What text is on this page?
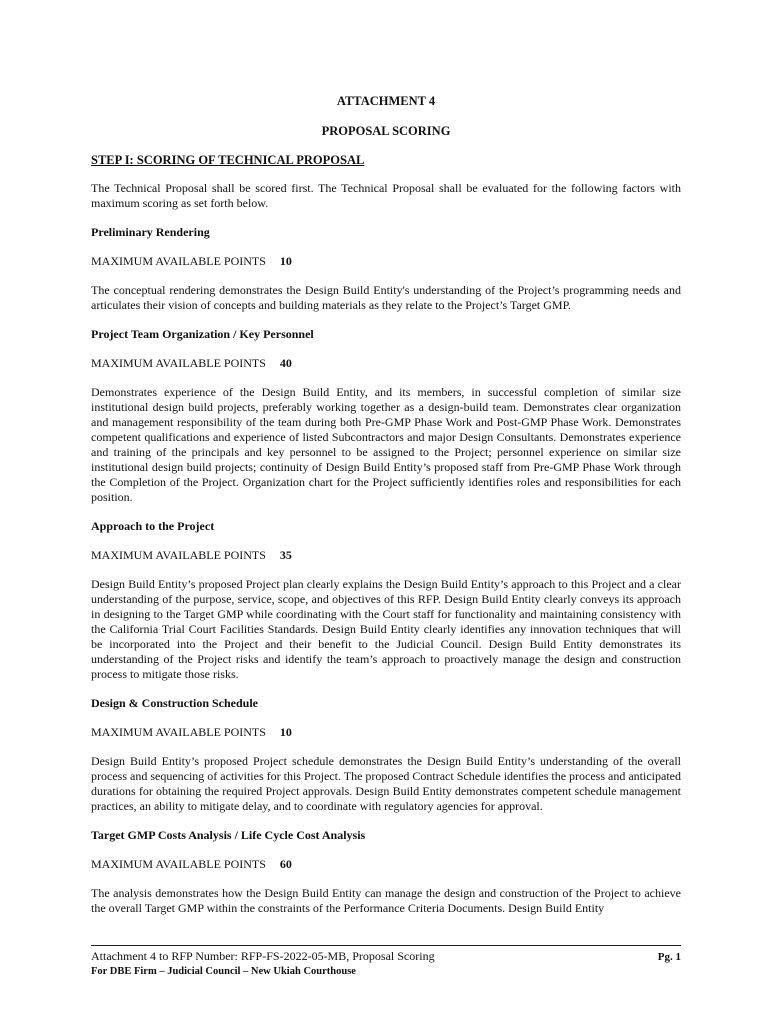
ATTACHMENT 4
PROPOSAL SCORING
STEP I: SCORING OF TECHNICAL PROPOSAL

The Technical Proposal shall be scored first. The Technical Proposal shall be evaluated for the following factors with maximum scoring as set forth below.

Preliminary Rendering
MAXIMUM AVAILABLE POINTS 10

The conceptual rendering demonstrates the Design Build Entity's understanding of the Project’s programming needs and articulates their vision of concepts and building materials as they relate to the Project’s Target GMP.

Project Team Organization / Key Personnel
MAXIMUM AVAILABLE POINTS 40

Demonstrates experience of the Design Build Entity, and its members, in successful completion of similar size institutional design build projects, preferably working together as a design-build team. Demonstrates clear organization and management responsibility of the team during both Pre-GMP Phase Work and Post-GMP Phase Work. Demonstrates competent qualifications and experience of listed Subcontractors and major Design Consultants. Demonstrates experience and training of the principals and key personnel to be assigned to the Project; personnel experience on similar size institutional design build projects; continuity of Design Build Entity’s proposed staff from Pre-GMP Phase Work through the Completion of the Project. Organization chart for the Project sufficiently identifies roles and responsibilities for each position.

Approach to the Project
MAXIMUM AVAILABLE POINTS 35

Design Build Entity’s proposed Project plan clearly explains the Design Build Entity’s approach to this Project and a clear understanding of the purpose, service, scope, and objectives of this RFP. Design Build Entity clearly conveys its approach in designing to the Target GMP while coordinating with the Court staff for functionality and maintaining consistency with the California Trial Court Facilities Standards. Design Build Entity clearly identifies any innovation techniques that will be incorporated into the Project and their benefit to the Judicial Council. Design Build Entity demonstrates its understanding of the Project risks and identify the team’s approach to proactively manage the design and construction process to mitigate those risks.

Design & Construction Schedule
MAXIMUM AVAILABLE POINTS 10

Design Build Entity’s proposed Project schedule demonstrates the Design Build Entity’s understanding of the overall process and sequencing of activities for this Project. The proposed Contract Schedule identifies the process and anticipated durations for obtaining the required Project approvals. Design Build Entity demonstrates competent schedule management practices, an ability to mitigate delay, and to coordinate with regulatory agencies for approval.

Target GMP Costs Analysis / Life Cycle Cost Analysis
MAXIMUM AVAILABLE POINTS 60

The analysis demonstrates how the Design Build Entity can manage the design and construction of the Project to achieve the overall Target GMP within the constraints of the Performance Criteria Documents. Design Build Entity

Attachment 4 to RFP Number: RFP-FS-2022-05-MB, Proposal Scoring	Pg. 1
For DBE Firm – Judicial Council – New Ukiah Courthouse
